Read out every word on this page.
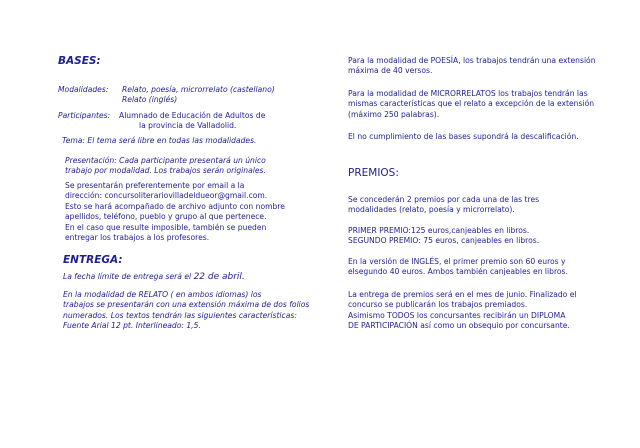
BASES:
Modalidades: Relato, poesía, microrrelato (castellano)
Relato (inglés)
Participantes: Alumnado de Educación de Adultos de
la provincia de Valladolid.
Tema: El tema será libre en todas las modalidades.
Presentación: Cada participante presentará un único
trabajo por modalidad. Los trabajos serán originales.
Se presentarán preferentemente por email a la
dirección: concursoliterariovilladeldueor@gmail.com.
Esto se hará acompañado de archivo adjunto con nombre
apellidos, teléfono, pueblo y grupo al que pertenece.
En el caso que resulte imposible, también se pueden
entregar los trabajos a los profesores.
ENTREGA:
La fecha límite de entrega será el 22 de abril.
En la modalidad de RELATO ( en ambos idiomas) los
trabajos se presentarán con una extensión máxima de dos folios
numerados. Los textos tendrán las siguientes características:
Fuente Arial 12 pt. Interlineado: 1,5.
Para la modalidad de POESÍA, los trabajos tendrán una extensión
máxima de 40 versos.
Para la modalidad de MICRORRELATOS los trabajos tendrán las
mismas características que el relato a excepción de la extensión
(máximo 250 palabras).
El no cumplimiento de las bases supondrá la descalificación.
PREMIOS:
Se concederán 2 premios por cada una de las tres
modalidades (relato, poesía y microrrelato).
PRIMER PREMIO:125 euros,canjeables en libros.
SEGUNDO PREMIO: 75 euros, canjeables en libros.
En la versión de INGLÉS, el primer premio son 60 euros y
elsegundo 40 euros. Ambos también canjeables en libros.
La entrega de premios será en el mes de junio. Finalizado el
concurso se publicarán los trabajos premiados.
Asimismo TODOS los concursantes recibirán un DIPLOMA
DE PARTICIPACIÓN así como un obsequio por concursante.
